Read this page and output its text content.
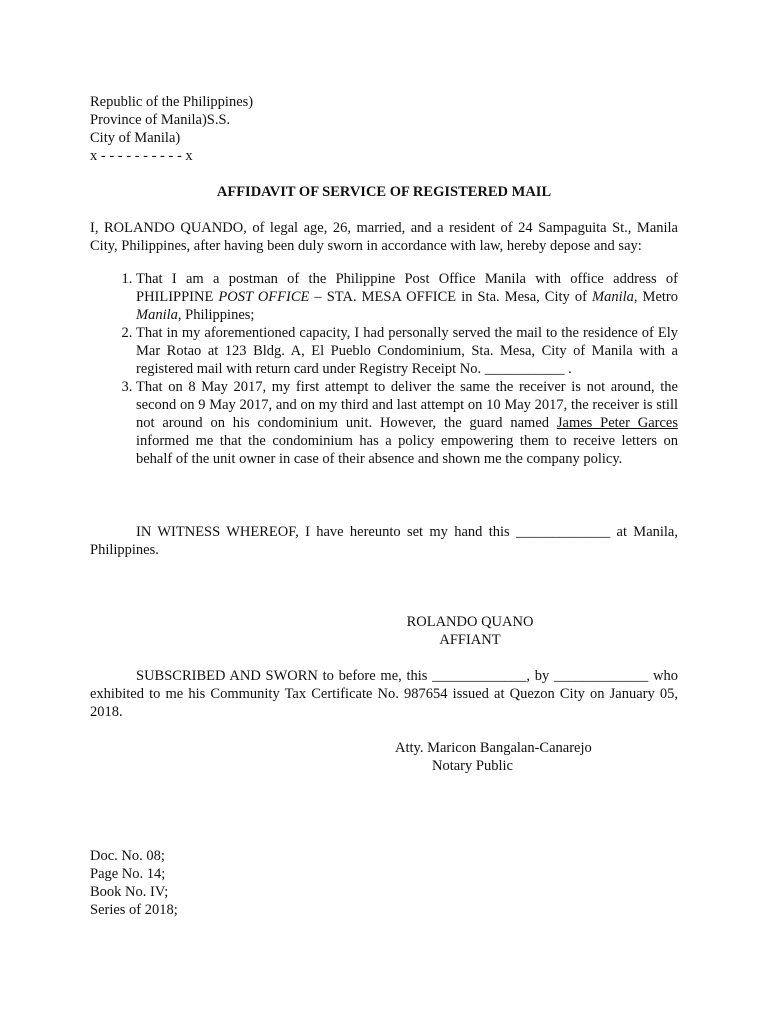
Republic of the Philippines)
Province of Manila)S.S.
City of Manila)
x - - - - - - - - - - x
AFFIDAVIT OF SERVICE OF REGISTERED MAIL
I, ROLANDO QUANDO, of legal age, 26, married, and a resident of 24 Sampaguita St., Manila City, Philippines, after having been duly sworn in accordance with law, hereby depose and say:
1. That I am a postman of the Philippine Post Office Manila with office address of PHILIPPINE POST OFFICE – STA. MESA OFFICE in Sta. Mesa, City of Manila, Metro Manila, Philippines;
2. That in my aforementioned capacity, I had personally served the mail to the residence of Ely Mar Rotao at 123 Bldg. A, El Pueblo Condominium, Sta. Mesa, City of Manila with a registered mail with return card under Registry Receipt No. ___________ .
3. That on 8 May 2017, my first attempt to deliver the same the receiver is not around, the second on 9 May 2017, and on my third and last attempt on 10 May 2017, the receiver is still not around on his condominium unit. However, the guard named James Peter Garces informed me that the condominium has a policy empowering them to receive letters on behalf of the unit owner in case of their absence and shown me the company policy.
IN WITNESS WHEREOF, I have hereunto set my hand this _____________ at Manila, Philippines.
ROLANDO QUANO
AFFIANT
SUBSCRIBED AND SWORN to before me, this _____________, by _____________ who exhibited to me his Community Tax Certificate No. 987654 issued at Quezon City on January 05, 2018.
Atty. Maricon Bangalan-Canarejo
Notary Public
Doc. No. 08;
Page No. 14;
Book No. IV;
Series of 2018;
